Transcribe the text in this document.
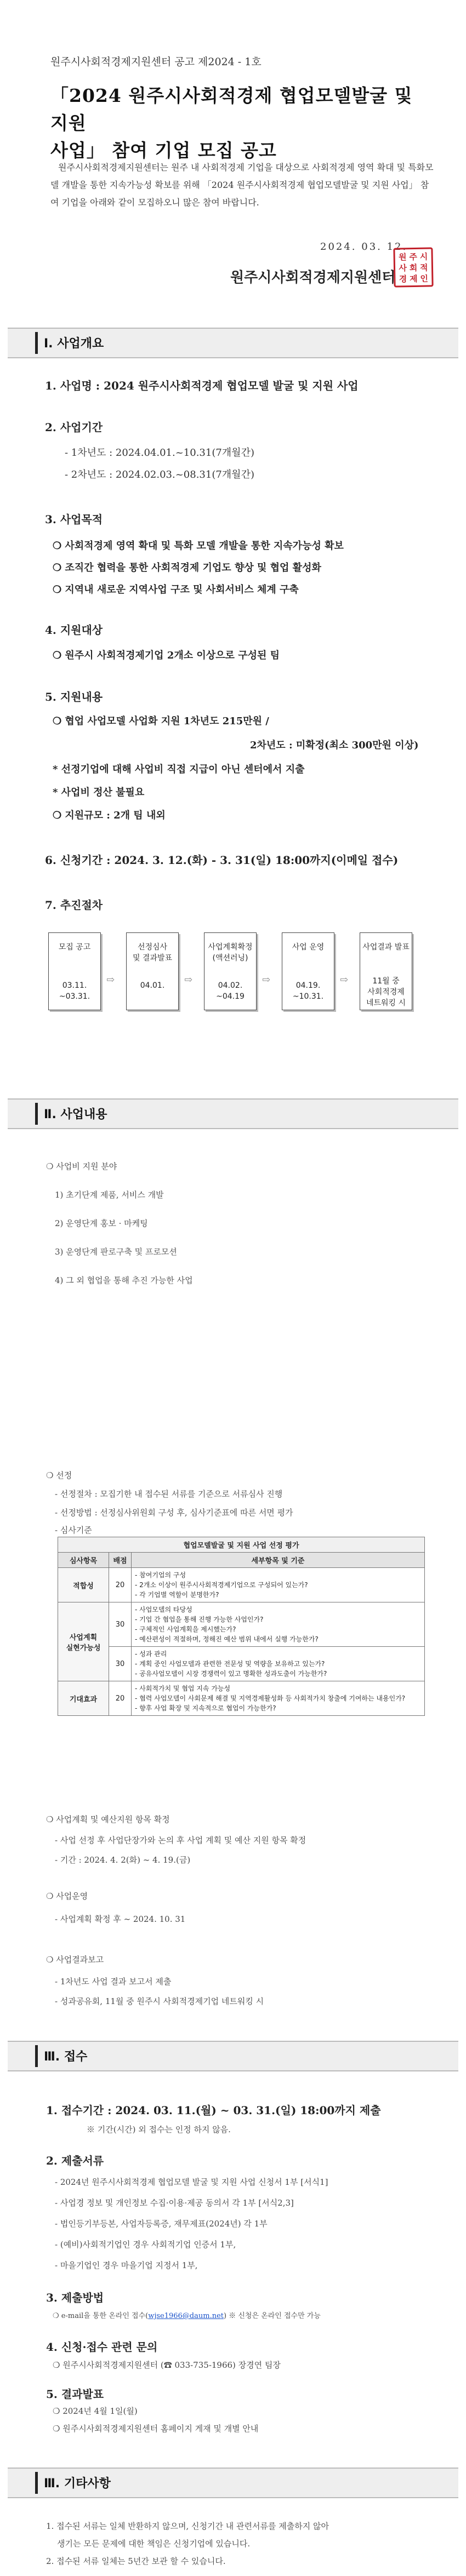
원주시사회적경제지원센터 공고 제2024 - 1호
「2024 원주시사회적경제 협업모델발굴 및 지원
사업」 참여 기업 모집 공고
원주시사회적경제지원센터는 원주 내 사회적경제 기업을 대상으로 사회적경제 영역 확대 및 특화모델 개발을 통한 지속가능성 확보를 위해 「2024 원주시사회적경제 협업모델발굴 및 지원 사업」 참여 기업을 아래와 같이 모집하오니 많은 참여 바랍니다.
2024. 03. 12.
원주시사회적경제지원센터
원 주 시
사 회 적
경 제 인
Ⅰ. 사업개요
1. 사업명 : 2024 원주시사회적경제 협업모델 발굴 및 지원 사업
2. 사업기간
- 1차년도 : 2024.04.01.~10.31(7개월간)
- 2차년도 : 2024.02.03.~08.31(7개월간)
3. 사업목적
❍ 사회적경제 영역 확대 및 특화 모델 개발을 통한 지속가능성 확보
❍ 조직간 협력을 통한 사회적경제 기업도 향상 및 협업 활성화
❍ 지역내 새로운 지역사업 구조 및 사회서비스 체계 구축
4. 지원대상
❍ 원주시 사회적경제기업 2개소 이상으로 구성된 팀
5. 지원내용
❍ 협업 사업모델 사업화 지원 1차년도 215만원 /
2차년도 : 미확정(최소 300만원 이상)
* 선정기업에 대해 사업비 직접 지급이 아닌 센터에서 지출
* 사업비 정산 불필요
❍ 지원규모 : 2개 팀 내외
6. 신청기간 : 2024. 3. 12.(화) - 3. 31(일) 18:00까지(이메일 접수)
7. 추진절차
모집 공고
03.11.
~03.31.
⇨
선정심사
및 결과발표
04.01.	⇨
사업계획확정
(액션러닝)
04.02.
~04.19
⇨
사업 운영
04.19.
~10.31.
⇨
사업결과 발표
11월 중
사회적경제
네트워킹 시
Ⅱ. 사업내용
❍ 사업비 지원 분야
1) 초기단계 제품, 서비스 개발
2) 운영단계 홍보 · 마케팅
3) 운영단계 판로구축 및 프로모션
4) 그 외 협업을 통해 추진 가능한 사업
❍ 선정
- 선정절차 : 모집기한 내 접수된 서류를 기준으로 서류심사 진행
- 선정방법 : 선정심사위원회 구성 후, 심사기준표에 따른 서면 평가
- 심사기준
협업모델발굴 및 지원 사업 선정 평가		
심사항목	배점	세부항목 및 기준
적합성	20	- 참여기업의 구성
- 2개소 이상이 원주시사회적경제기업으로 구성되어 있는가?
- 각 기업별 역할이 분명한가?
사업계획
실현가능성	30	- 사업모델의 타당성
- 기업 간 협업을 통해 진행 가능한 사업인가?
- 구체적인 사업계획을 제시했는가?
- 예산편성이 적절하며, 정해진 예산 범위 내에서 실행 가능한가?
	30	- 성과 관리
- 계획 중인 사업모델과 관련한 전문성 및 역량을 보유하고 있는가?
- 공유사업모델이 시장 경쟁력이 있고 명확한 성과도출이 가능한가?
기대효과	20	- 사회적가치 및 협업 지속 가능성
- 협력 사업모델이 사회문제 해결 및 지역경제활성화 등 사회적가치 창출에 기여하는 내용인가?
- 향후 사업 확장 및 지속적으로 협업이 가능한가?
❍ 사업계획 및 예산지원 항목 확정
- 사업 선정 후 사업단장가와 논의 후 사업 계획 및 예산 지원 항목 확정
- 기간 : 2024. 4. 2(화) ~ 4. 19.(금)
❍ 사업운영
- 사업계획 확정 후 ~ 2024. 10. 31
❍ 사업결과보고
- 1차년도 사업 결과 보고서 제출
- 성과공유회, 11월 중 원주시 사회적경제기업 네트워킹 시
Ⅲ. 접수
1. 접수기간 : 2024. 03. 11.(월) ~ 03. 31.(일) 18:00까지 제출
※ 기간(시간) 외 접수는 인정 하지 않음.
2. 제출서류
- 2024년 원주시사회적경제 협업모델 발굴 및 지원 사업 신청서 1부 [서식1]
- 사업경 정보 및 개인정보 수집·이용·제공 동의서 각 1부 [서식2,3]
- 법인등기부등본, 사업자등록증, 재무제표(2024년) 각 1부
- (예비)사회적기업인 경우 사회적기업 인증서 1부,
- 마을기업인 경우 마을기업 지정서 1부,
3. 제출방법
❍ e-mail을 통한 온라인 접수(wjse1966@daum.net) ※ 신청은 온라인 접수만 가능
4. 신청·접수 관련 문의
❍ 원주시사회적경제지원센터 (☎ 033-735-1966) 장경연 팀장
5. 결과발표
❍ 2024년 4월 1일(월)
❍ 원주시사회적경제지원센터 홈페이지 게재 및 개별 안내
Ⅲ. 기타사항
1. 접수된 서류는 일체 반환하지 않으며, 신청기간 내 관련서류를 제출하지 않아
생기는 모든 문제에 대한 책임은 신청기업에 있습니다.
2. 접수된 서류 일체는 5년간 보관 할 수 있습니다.
